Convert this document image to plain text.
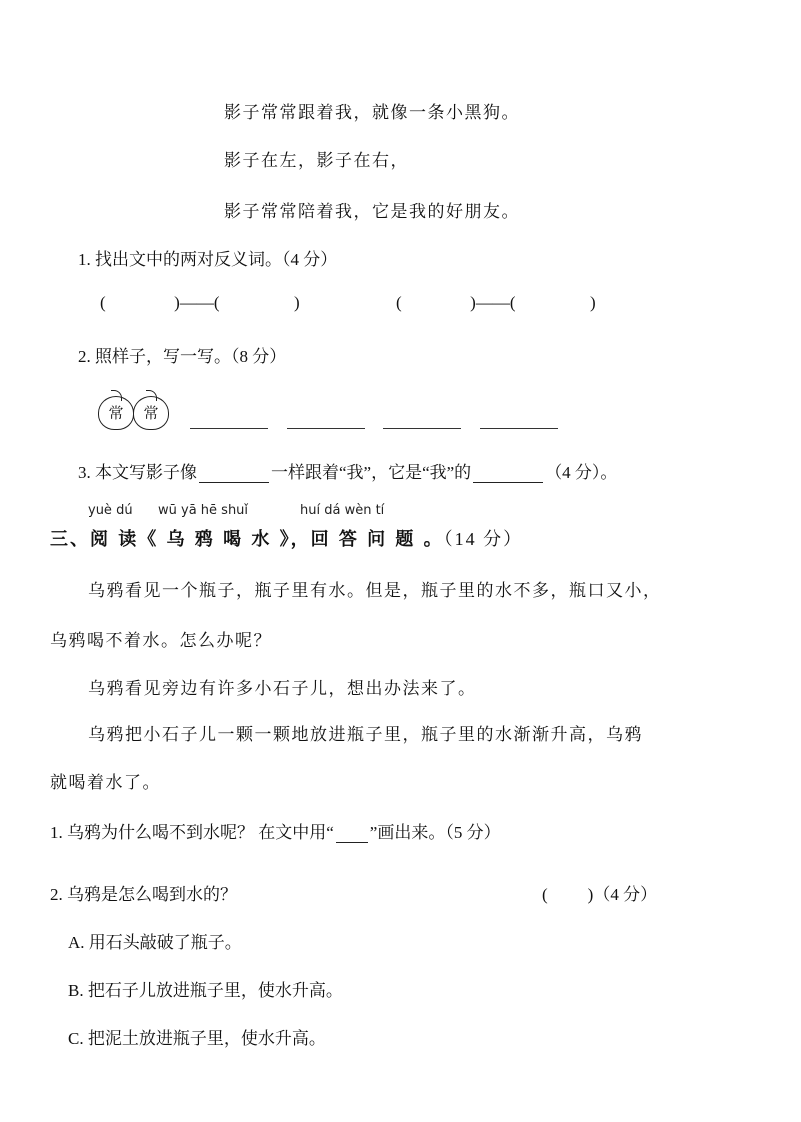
影子常常跟着我，就像一条小黑狗。
影子在左，影子在右，
影子常常陪着我，它是我的好朋友。
1. 找出文中的两对反义词。（4 分）
(	)——(	)	(	)——(	)
2. 照样子，写一写。（8 分）
常	常
3. 本文写影子像	一样跟着“我”，它是“我”的	（4 分）。
yuè dú wū yā hē shuǐ	huí dá wèn tí
三、阅 读《 乌 鸦 喝 水 》，回 答 问 题 。（14 分）
乌鸦看见一个瓶子，瓶子里有水。但是，瓶子里的水不多，瓶口又小，
乌鸦喝不着水。怎么办呢？
乌鸦看见旁边有许多小石子儿，想出办法来了。
乌鸦把小石子儿一颗一颗地放进瓶子里，瓶子里的水渐渐升高，乌鸦
就喝着水了。
1. 乌鸦为什么喝不到水呢？ 在文中用“ ”画出来。（5 分）
2. 乌鸦是怎么喝到水的？	( )（4 分）
A. 用石头敲破了瓶子。
B. 把石子儿放进瓶子里，使水升高。
C. 把泥土放进瓶子里，使水升高。
